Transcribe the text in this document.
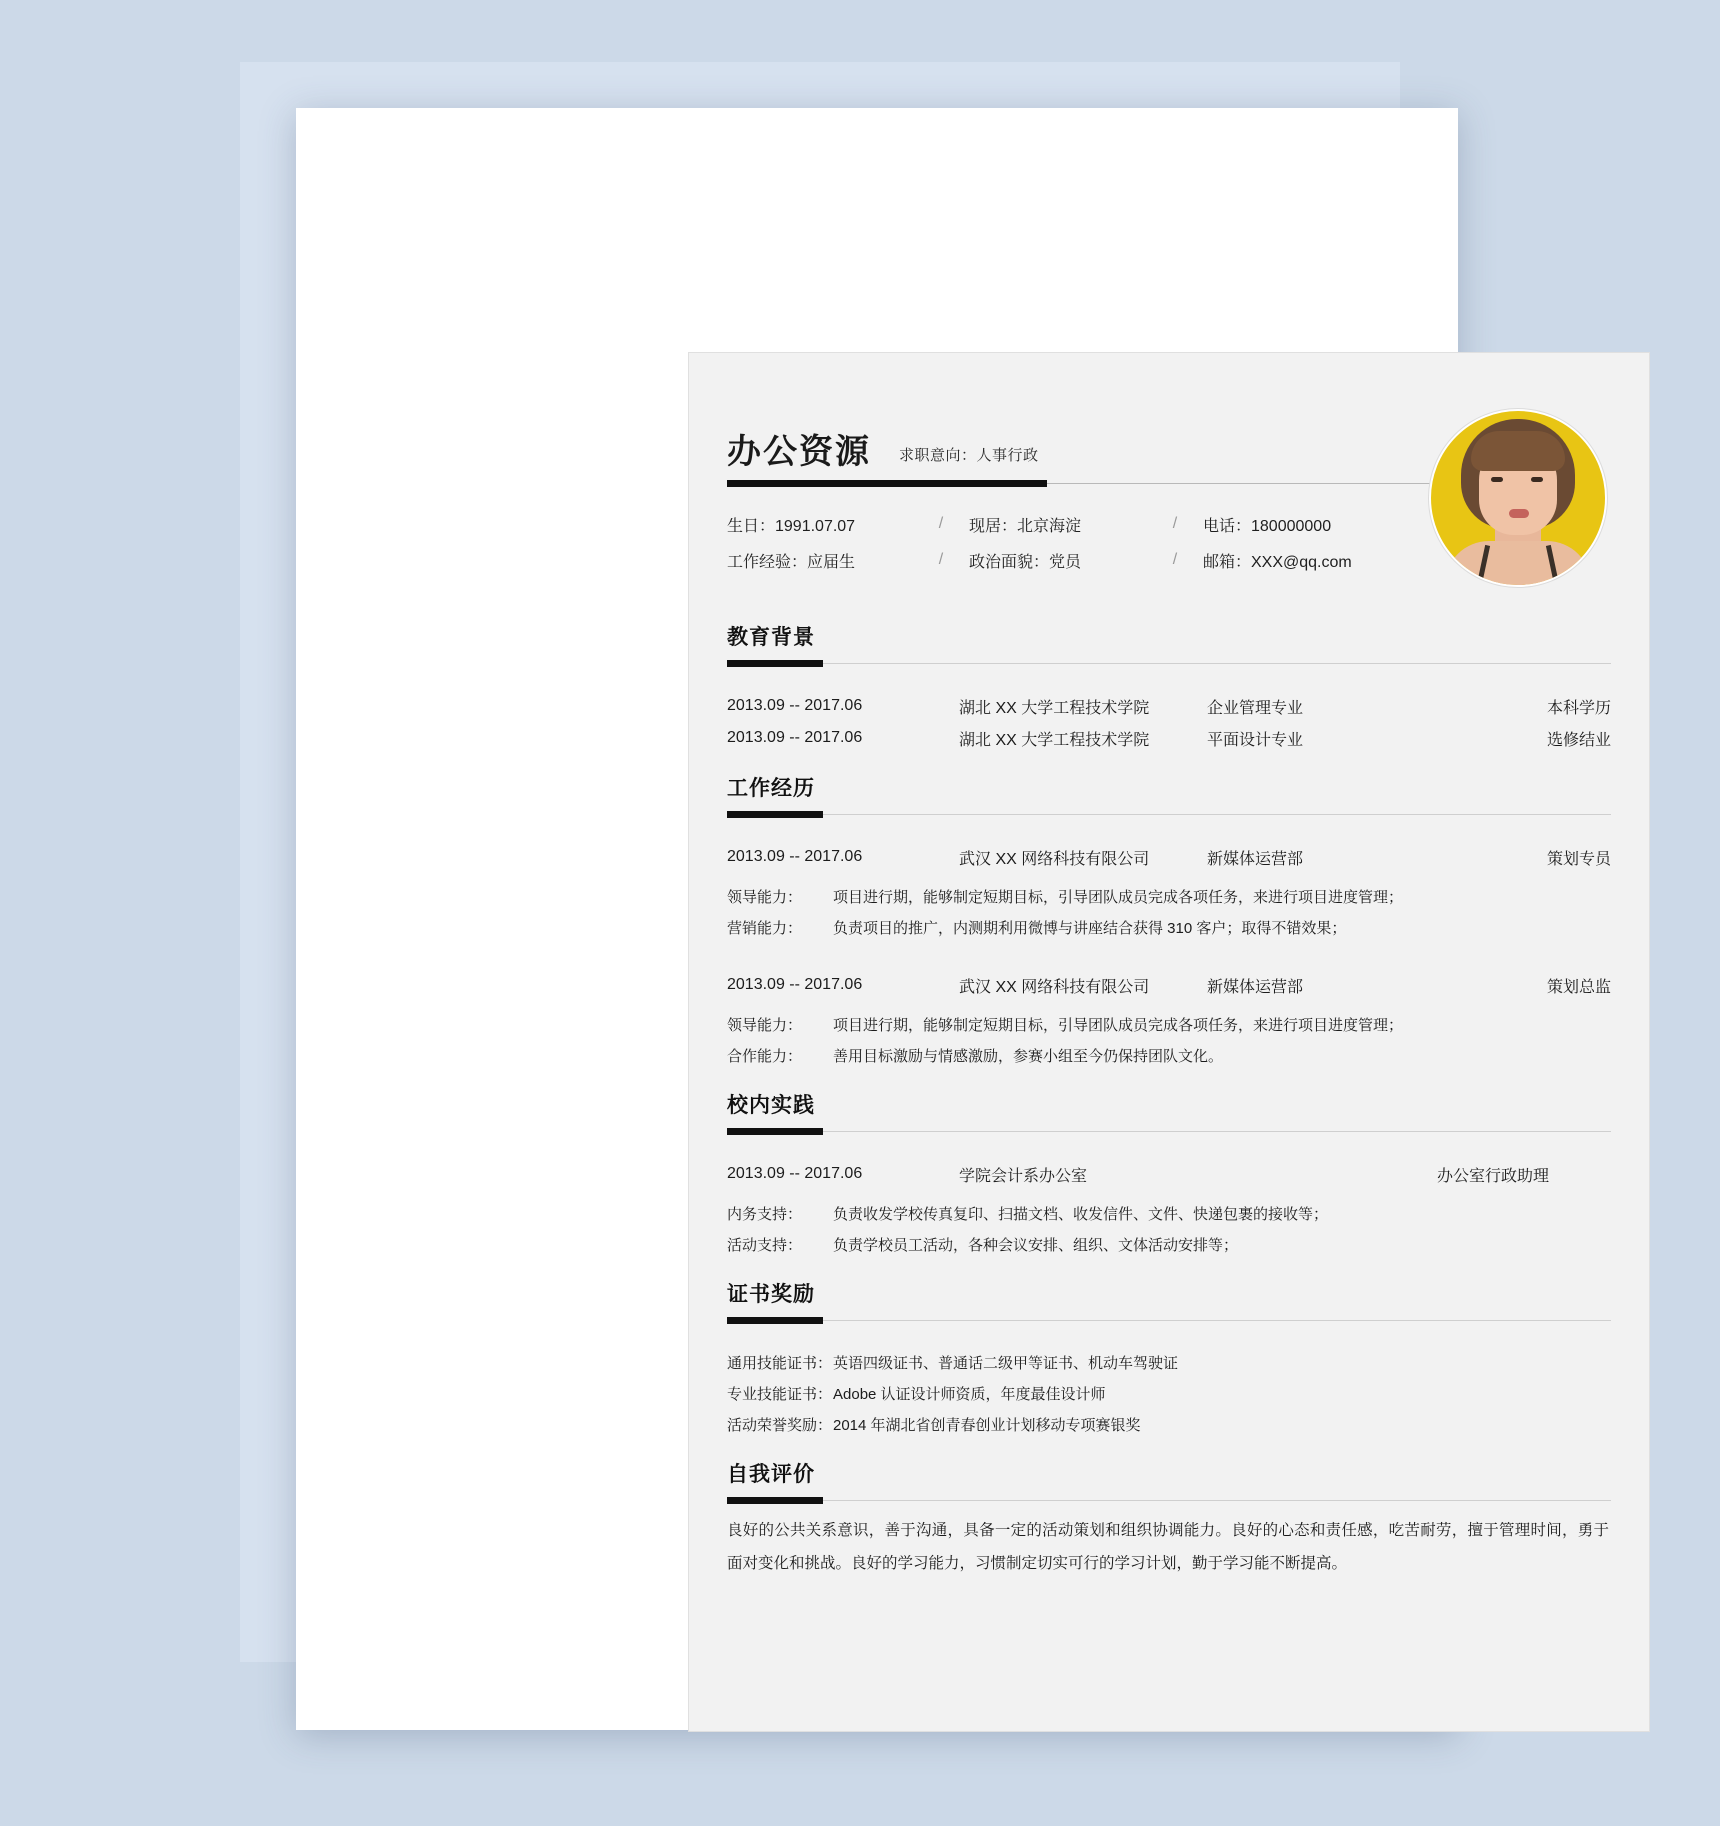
办公资源 求职意向：人事行政
生日：1991.07.07	/	现居：北京海淀	/	电话：180000000
工作经验：应届生	/	政治面貌：党员	/	邮箱：XXX@qq.com
教育背景
2013.09 -- 2017.06	湖北 XX 大学工程技术学院	企业管理专业	本科学历
2013.09 -- 2017.06	湖北 XX 大学工程技术学院	平面设计专业	选修结业
工作经历
2013.09 -- 2017.06	武汉 XX 网络科技有限公司	新媒体运营部	策划专员
领导能力：	项目进行期，能够制定短期目标，引导团队成员完成各项任务，来进行项目进度管理；
营销能力：	负责项目的推广，内测期利用微博与讲座结合获得 310 客户；取得不错效果；
2013.09 -- 2017.06	武汉 XX 网络科技有限公司	新媒体运营部	策划总监
领导能力：	项目进行期，能够制定短期目标，引导团队成员完成各项任务，来进行项目进度管理；
合作能力：	善用目标激励与情感激励，参赛小组至今仍保持团队文化。
校内实践
2013.09 -- 2017.06	学院会计系办公室	办公室行政助理
内务支持：	负责收发学校传真复印、扫描文档、收发信件、文件、快递包裹的接收等；
活动支持：	负责学校员工活动，各种会议安排、组织、文体活动安排等；
证书奖励
通用技能证书： 英语四级证书、普通话二级甲等证书、机动车驾驶证
专业技能证书： Adobe 认证设计师资质，年度最佳设计师
活动荣誉奖励： 2014 年湖北省创青春创业计划移动专项赛银奖
自我评价
良好的公共关系意识，善于沟通，具备一定的活动策划和组织协调能力。良好的心态和责任感，吃苦耐劳，擅于管理时间，勇于面对变化和挑战。良好的学习能力，习惯制定切实可行的学习计划，勤于学习能不断提高。
